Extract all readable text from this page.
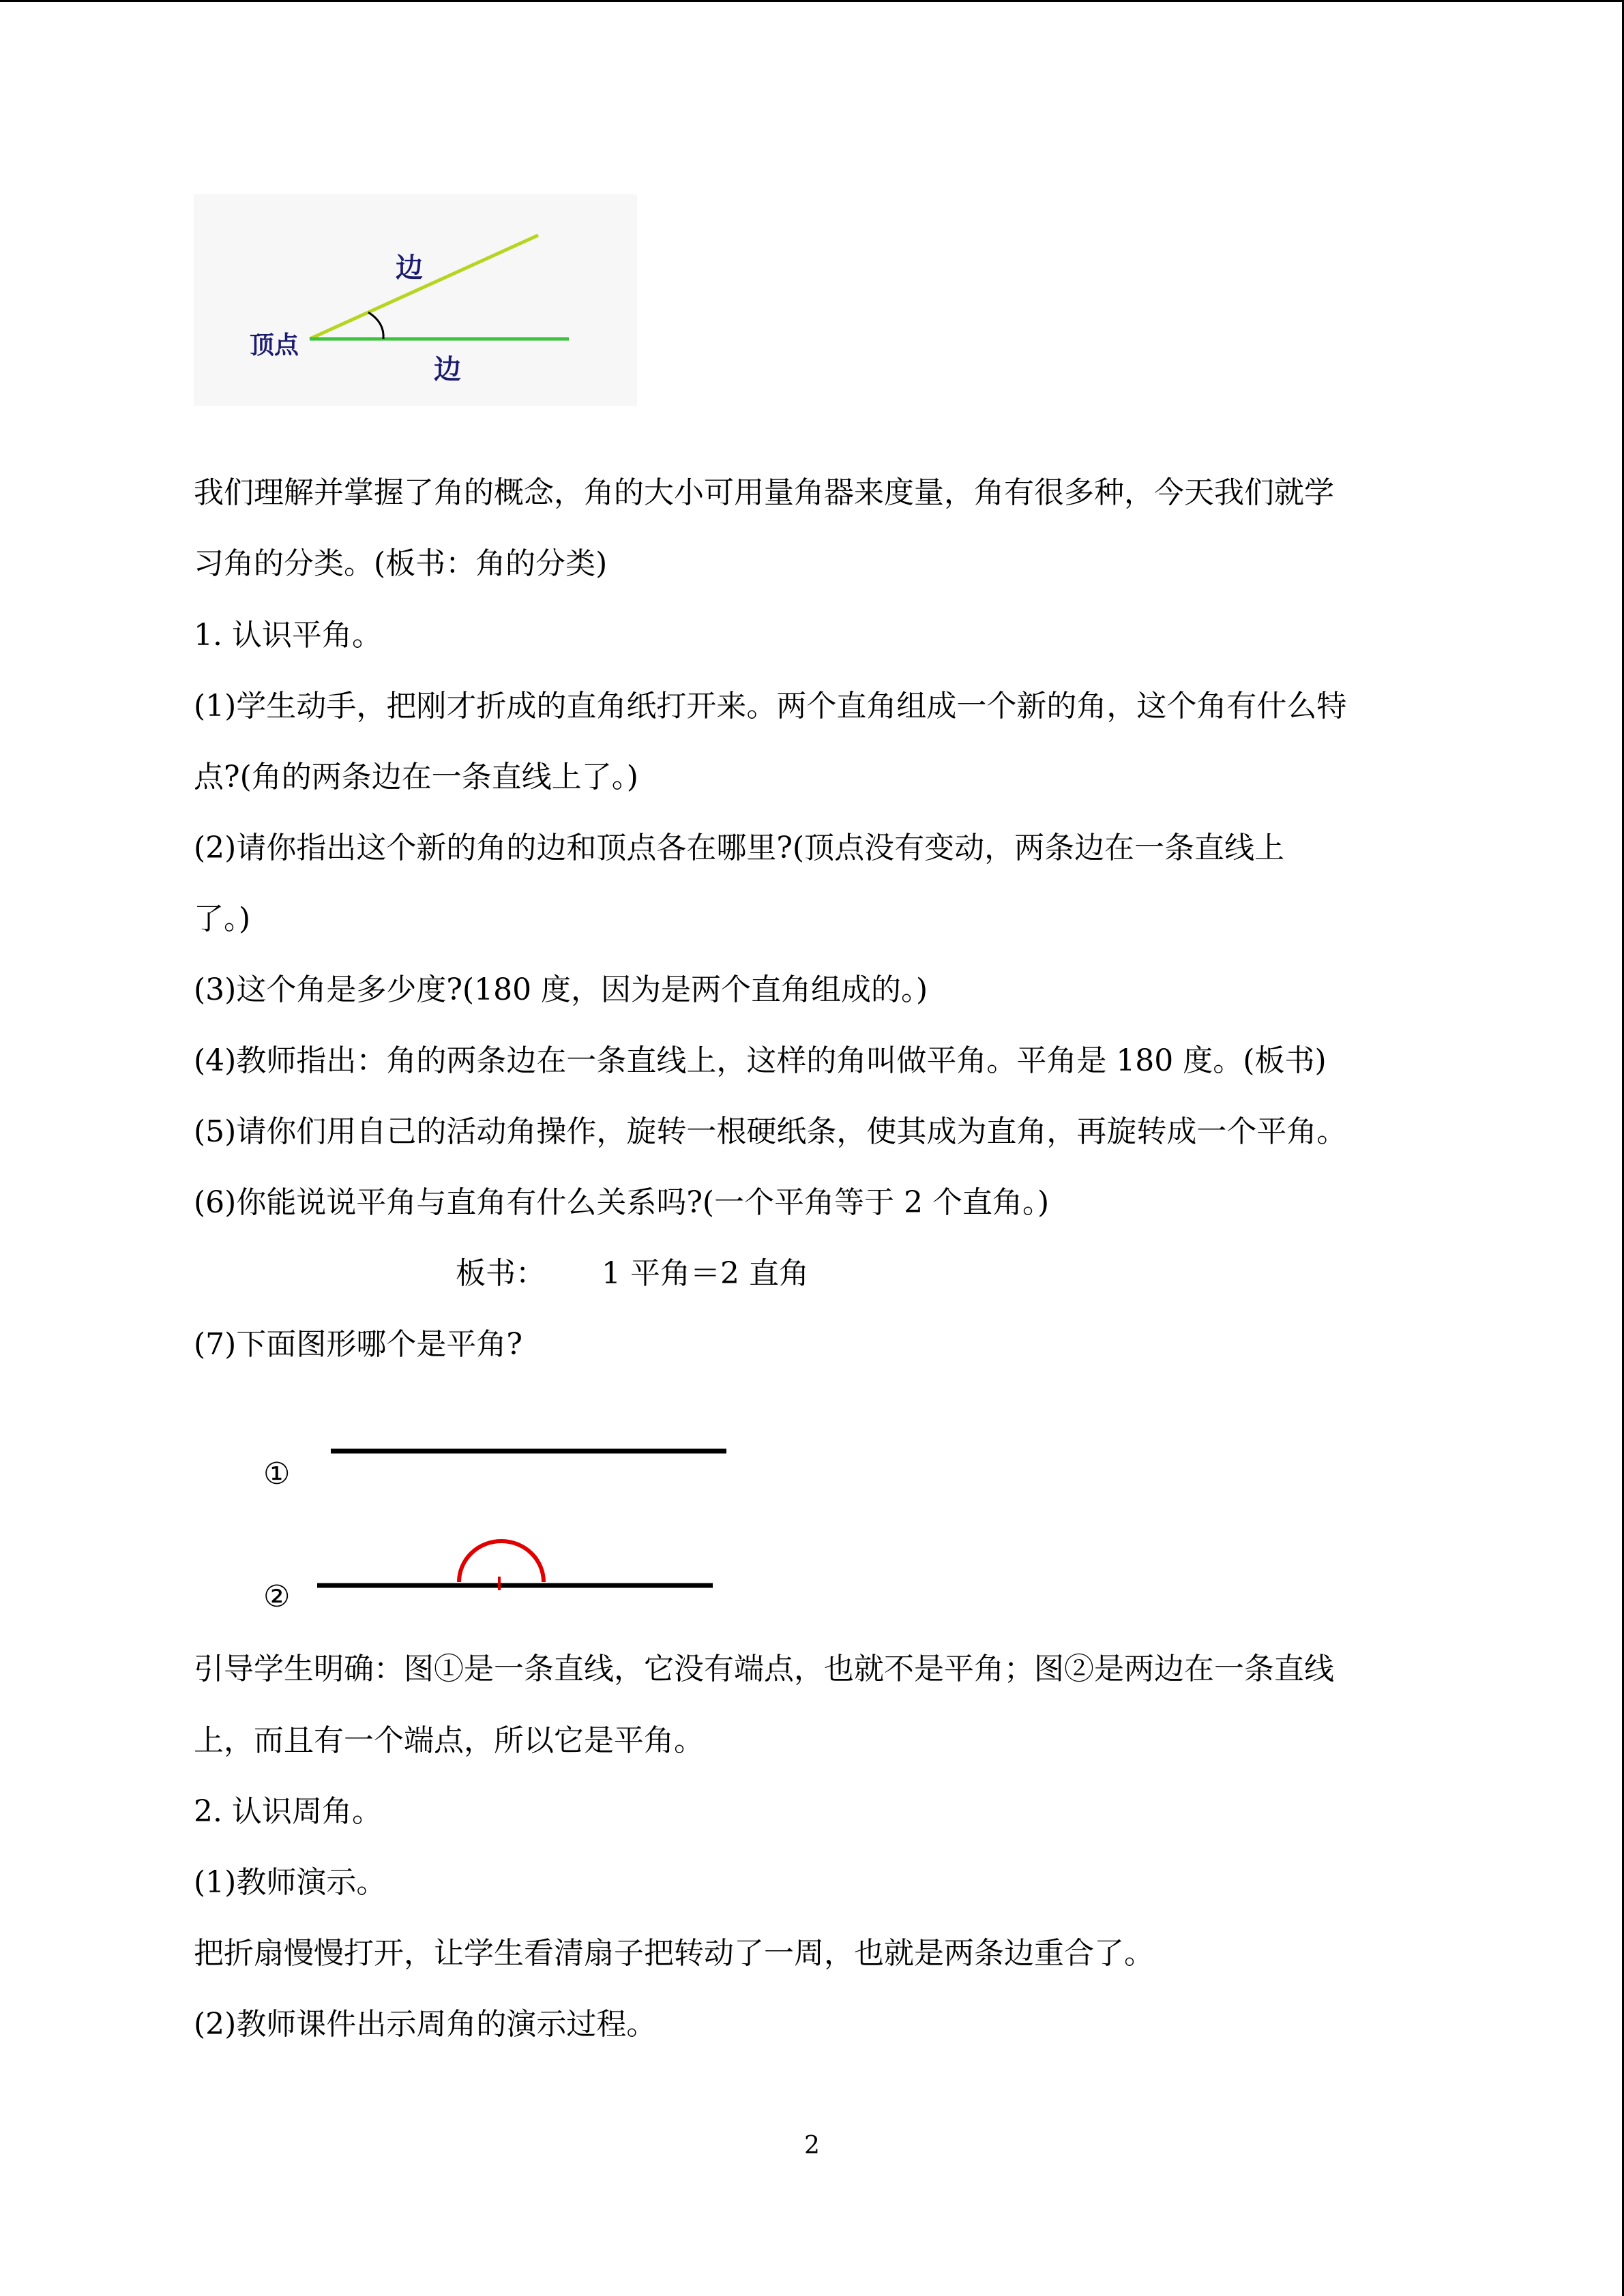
边
边
顶点
我们理解并掌握了角的概念，角的大小可用量角器来度量，角有很多种，今天我们就学
习角的分类。(板书：角的分类)
1. 认识平角。
(1)学生动手，把刚才折成的直角纸打开来。两个直角组成一个新的角，这个角有什么特
点?(角的两条边在一条直线上了。)
(2)请你指出这个新的角的边和顶点各在哪里?(顶点没有变动，两条边在一条直线上
了。)
(3)这个角是多少度?(180 度，因为是两个直角组成的。)
(4)教师指出：角的两条边在一条直线上，这样的角叫做平角。平角是 180 度。(板书)
(5)请你们用自己的活动角操作，旋转一根硬纸条，使其成为直角，再旋转成一个平角。
(6)你能说说平角与直角有什么关系吗?(一个平角等于 2 个直角。)
板书： 1 平角＝2 直角
(7)下面图形哪个是平角?
①
②
引导学生明确：图①是一条直线，它没有端点，也就不是平角；图②是两边在一条直线
上，而且有一个端点，所以它是平角。
2. 认识周角。
(1)教师演示。
把折扇慢慢打开，让学生看清扇子把转动了一周，也就是两条边重合了。
(2)教师课件出示周角的演示过程。
2
